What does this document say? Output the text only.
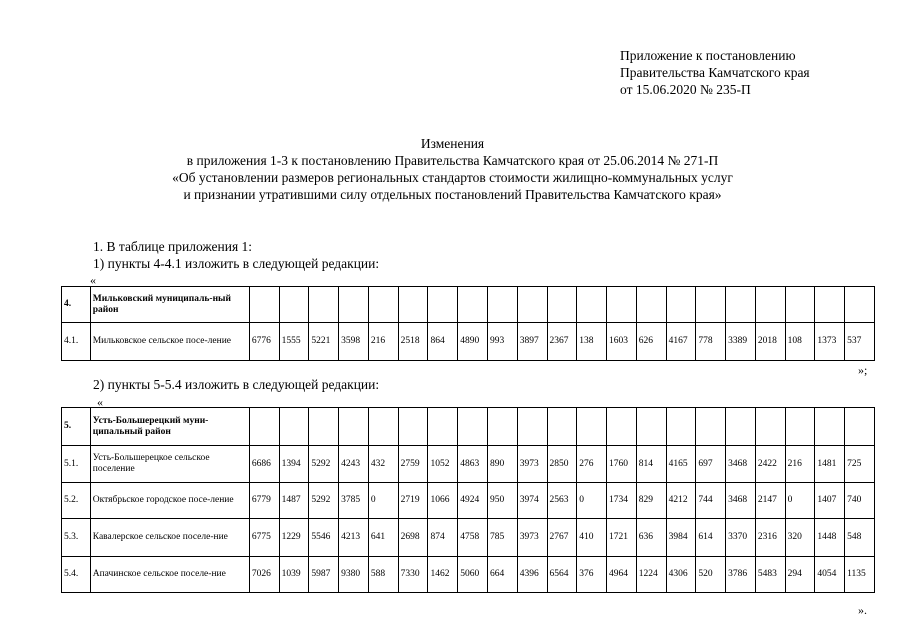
Приложение к постановлению
Правительства Камчатского края
от 15.06.2020 № 235-П
Изменения
в приложения 1-3 к постановлению Правительства Камчатского края от 25.06.2014 № 271-П
«Об установлении размеров региональных стандартов стоимости жилищно-коммунальных услуг
и признании утратившими силу отдельных постановлений Правительства Камчатского края»
1. В таблице приложения 1:
1) пункты 4-4.1 изложить в следующей редакции:
«
4.	Мильковский муниципаль-ный район																					
4.1.	Мильковское сельское посе-ление	6776	1555	5221	3598	216	2518	864	4890	993	3897	2367	138	1603	626	4167	778	3389	2018	108	1373	537
»;
2) пункты 5-5.4 изложить в следующей редакции:
«
5.	Усть-Большерецкий муни-ципальный район																					
5.1.	Усть-Большерецкое сельское поселение	6686	1394	5292	4243	432	2759	1052	4863	890	3973	2850	276	1760	814	4165	697	3468	2422	216	1481	725
5.2.	Октябрьское городское посе-ление	6779	1487	5292	3785	0	2719	1066	4924	950	3974	2563	0	1734	829	4212	744	3468	2147	0	1407	740
5.3.	Кавалерское сельское поселе-ние	6775	1229	5546	4213	641	2698	874	4758	785	3973	2767	410	1721	636	3984	614	3370	2316	320	1448	548
5.4.	Апачинское сельское поселе-ние	7026	1039	5987	9380	588	7330	1462	5060	664	4396	6564	376	4964	1224	4306	520	3786	5483	294	4054	1135
».
